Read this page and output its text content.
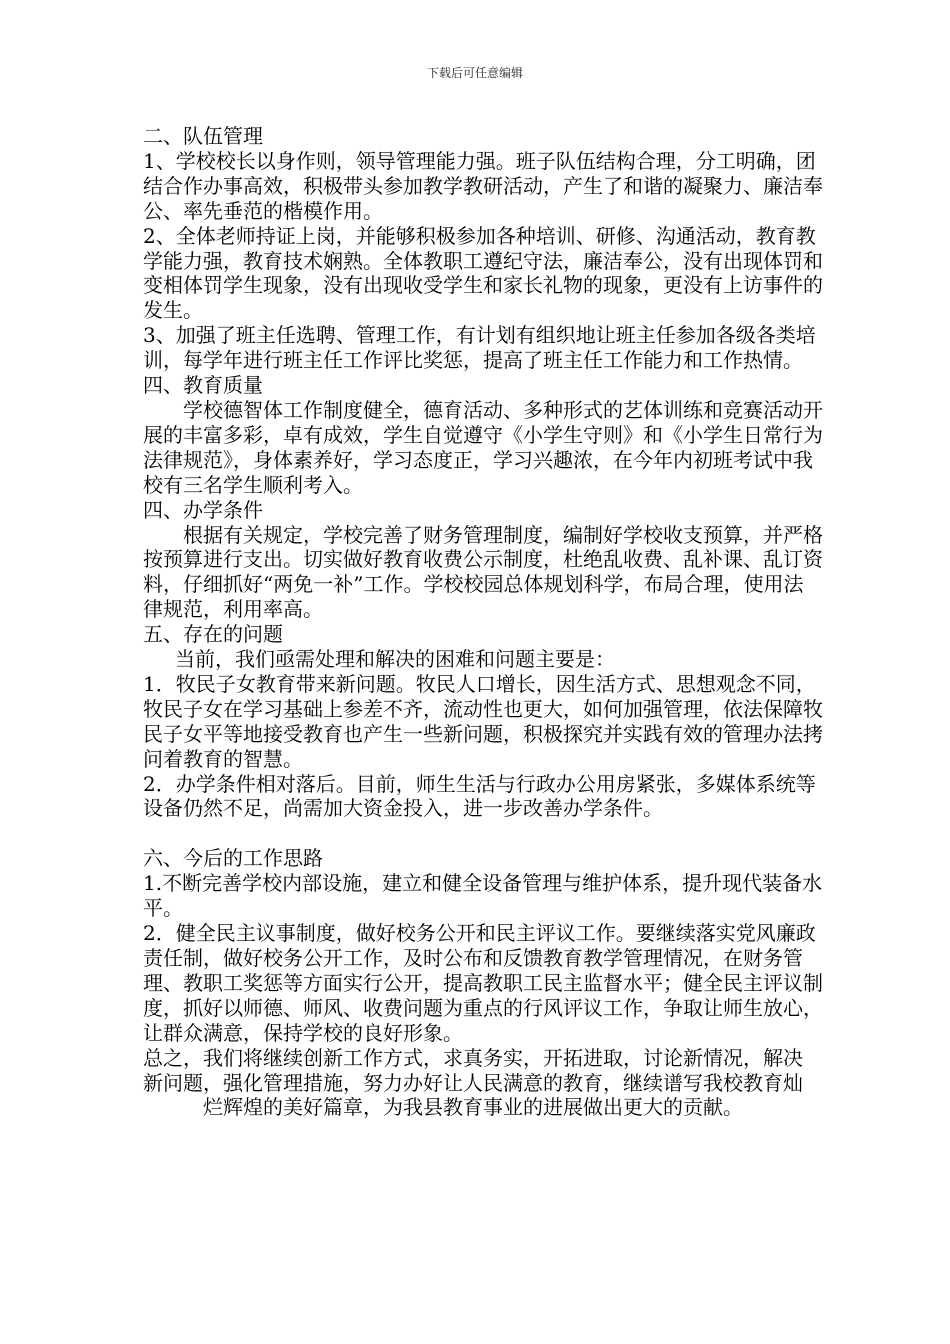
下载后可任意编辑

二、队伍管理

1、学校校长以身作则，领导管理能力强。班子队伍结构合理，分工明确，团结合作办事高效，积极带头参加教学教研活动，产生了和谐的凝聚力、廉洁奉公、率先垂范的楷模作用。

2、全体老师持证上岗，并能够积极参加各种培训、研修、沟通活动，教育教学能力强，教育技术娴熟。全体教职工遵纪守法，廉洁奉公，没有出现体罚和变相体罚学生现象，没有出现收受学生和家长礼物的现象，更没有上访事件的发生。

3、加强了班主任选聘、管理工作，有计划有组织地让班主任参加各级各类培训，每学年进行班主任工作评比奖惩，提高了班主任工作能力和工作热情。

四、教育质量

学校德智体工作制度健全，德育活动、多种形式的艺体训练和竞赛活动开展的丰富多彩，卓有成效，学生自觉遵守《小学生守则》和《小学生日常行为法律规范》，身体素养好，学习态度正，学习兴趣浓，在今年内初班考试中我校有三名学生顺利考入。

四、办学条件

根据有关规定，学校完善了财务管理制度，编制好学校收支预算，并严格按预算进行支出。切实做好教育收费公示制度，杜绝乱收费、乱补课、乱订资料，仔细抓好“两免一补”工作。学校校园总体规划科学，布局合理，使用法律规范，利用率高。

五、存在的问题

当前，我们亟需处理和解决的困难和问题主要是：

1．牧民子女教育带来新问题。牧民人口增长，因生活方式、思想观念不同，牧民子女在学习基础上参差不齐，流动性也更大，如何加强管理，依法保障牧民子女平等地接受教育也产生一些新问题，积极探究并实践有效的管理办法拷问着教育的智慧。

2．办学条件相对落后。目前，师生生活与行政办公用房紧张，多媒体系统等设备仍然不足，尚需加大资金投入，进一步改善办学条件。

六、今后的工作思路

1.不断完善学校内部设施，建立和健全设备管理与维护体系，提升现代装备水平。

2．健全民主议事制度，做好校务公开和民主评议工作。要继续落实党风廉政责任制，做好校务公开工作，及时公布和反馈教育教学管理情况，在财务管理、教职工奖惩等方面实行公开，提高教职工民主监督水平；健全民主评议制度，抓好以师德、师风、收费问题为重点的行风评议工作，争取让师生放心，让群众满意，保持学校的良好形象。

总之，我们将继续创新工作方式，求真务实，开拓进取，讨论新情况，解决新问题，强化管理措施，努力办好让人民满意的教育，继续谱写我校教育灿烂辉煌的美好篇章，为我县教育事业的进展做出更大的贡献。
